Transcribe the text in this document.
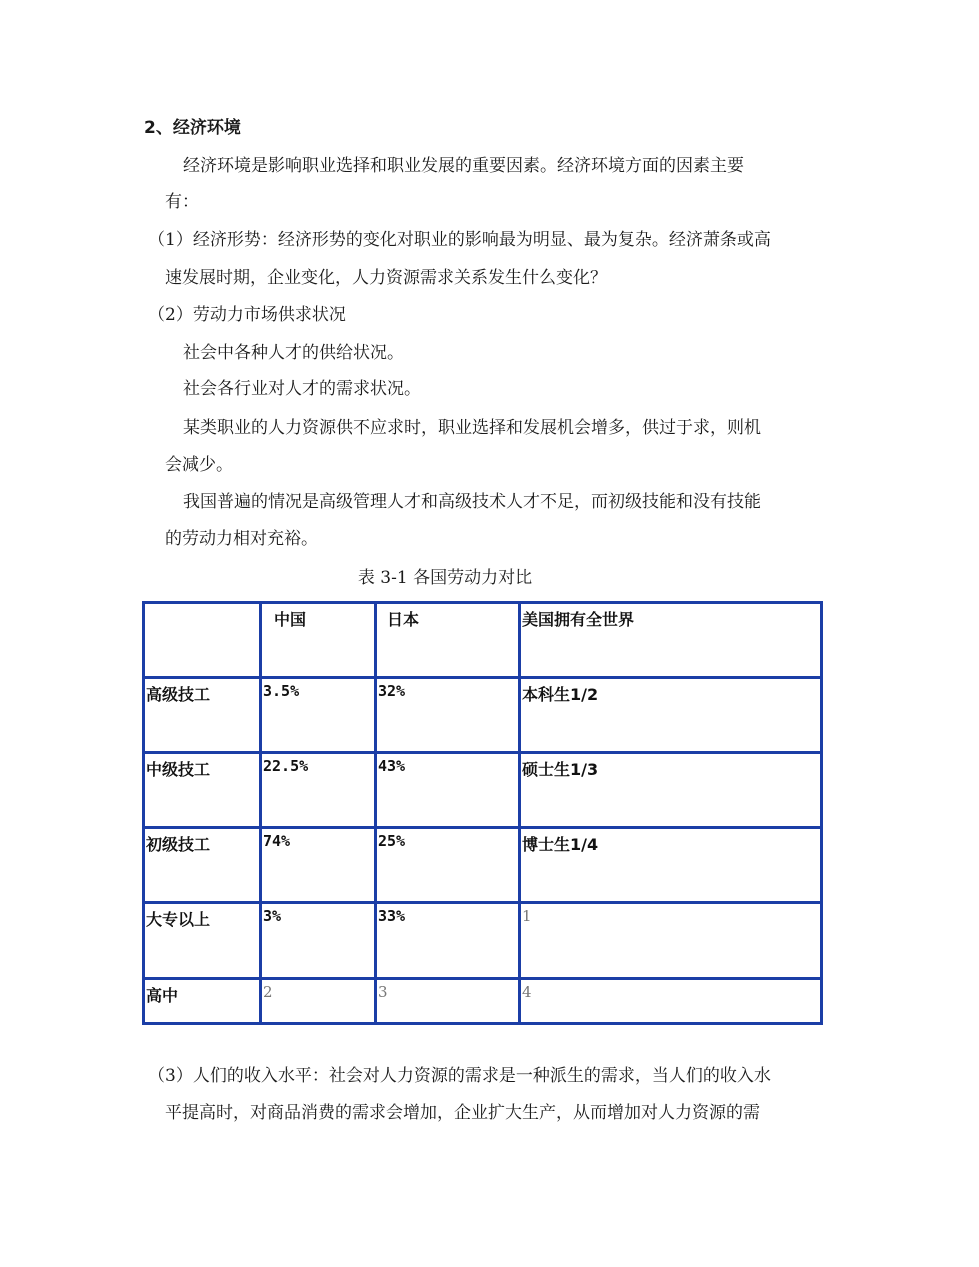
2、经济环境
经济环境是影响职业选择和职业发展的重要因素。经济环境方面的因素主要
有：
（1）经济形势：经济形势的变化对职业的影响最为明显、最为复杂。经济萧条或高
速发展时期，企业变化，人力资源需求关系发生什么变化？
（2）劳动力市场供求状况
社会中各种人才的供给状况。
社会各行业对人才的需求状况。
某类职业的人力资源供不应求时，职业选择和发展机会增多，供过于求，则机
会减少。
我国普遍的情况是高级管理人才和高级技术人才不足，而初级技能和没有技能
的劳动力相对充裕。
表 3-1 各国劳动力对比
	中国	日本	美国拥有全世界
高级技工	3.5%	32%	本科生1/2
中级技工	22.5%	43%	硕士生1/3
初级技工	74%	25%	博士生1/4
大专以上	3%	33%	1
高中	2	3	4
（3）人们的收入水平：社会对人力资源的需求是一种派生的需求，当人们的收入水
平提高时，对商品消费的需求会增加，企业扩大生产，从而增加对人力资源的需
